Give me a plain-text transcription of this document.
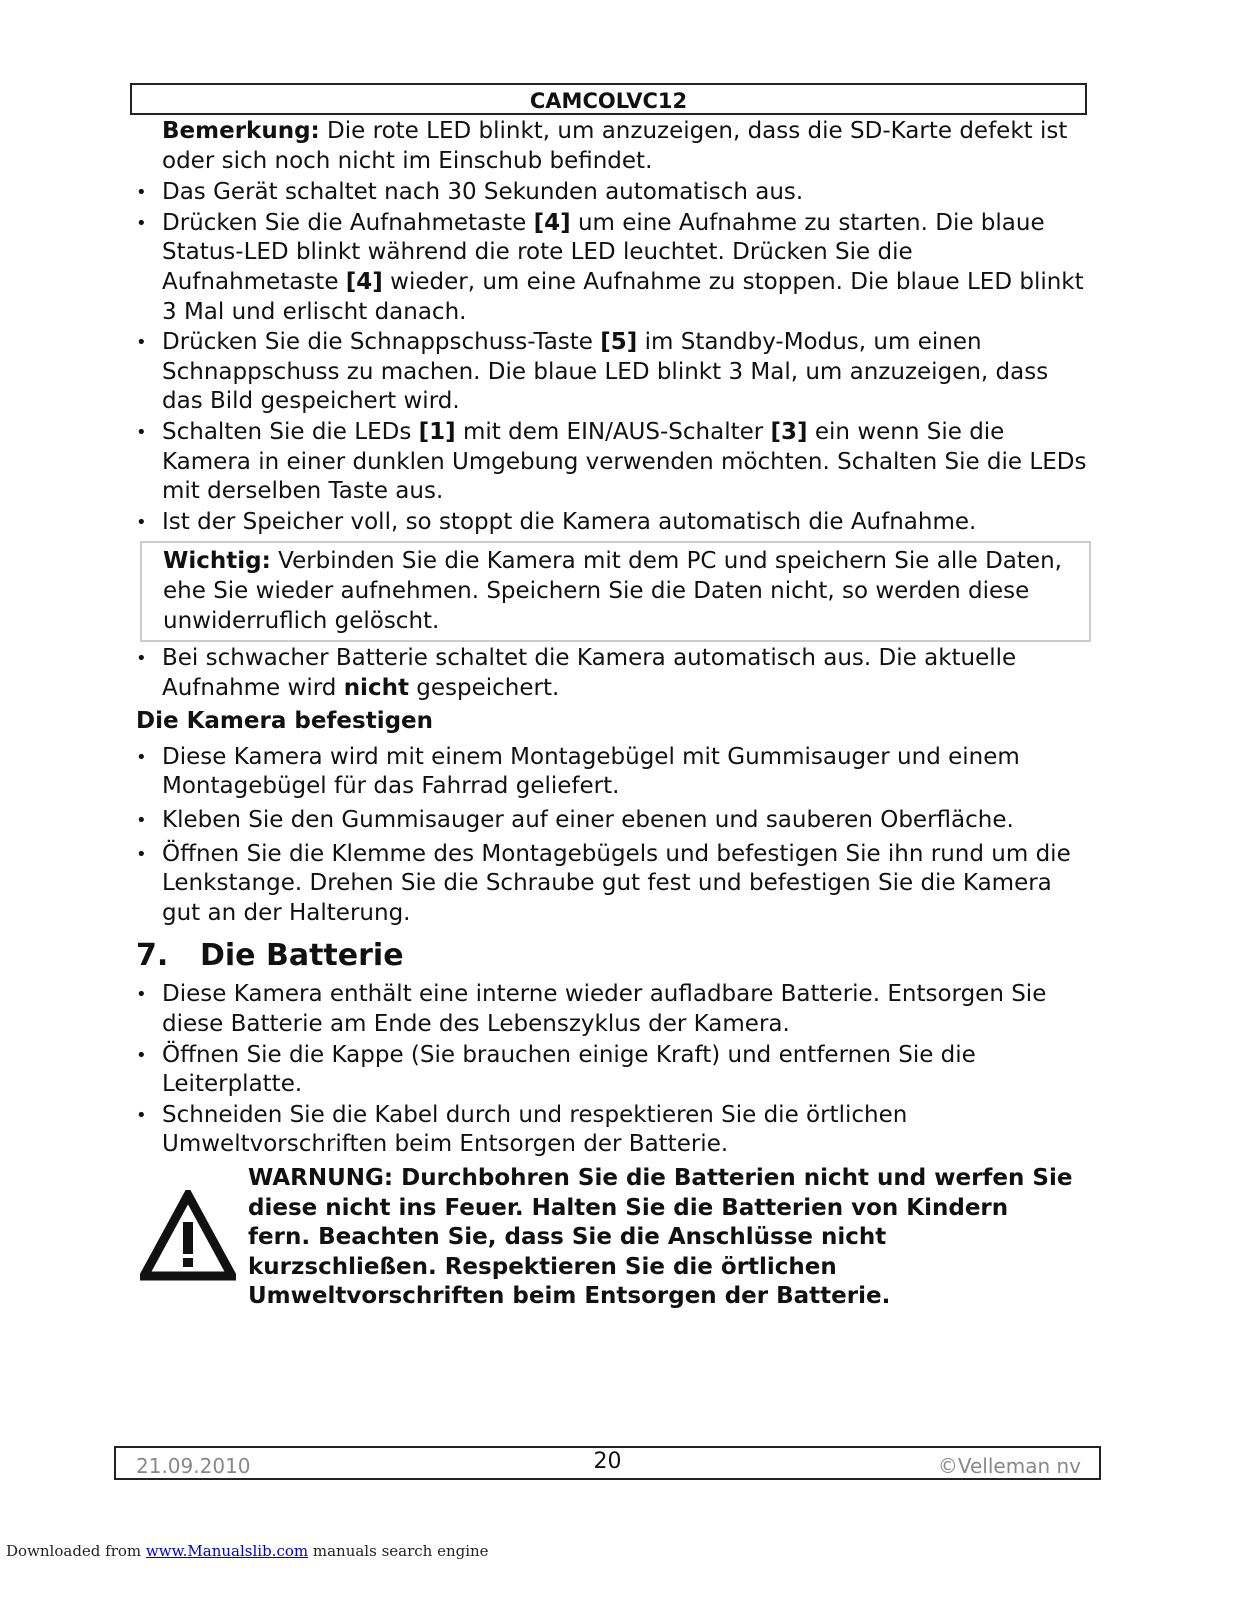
CAMCOLVC12
Bemerkung: Die rote LED blinkt, um anzuzeigen, dass die SD-Karte defekt ist oder sich noch nicht im Einschub befindet.
• Das Gerät schaltet nach 30 Sekunden automatisch aus.
• Drücken Sie die Aufnahmetaste [4] um eine Aufnahme zu starten. Die blaue Status-LED blinkt während die rote LED leuchtet. Drücken Sie die Aufnahmetaste [4] wieder, um eine Aufnahme zu stoppen. Die blaue LED blinkt 3 Mal und erlischt danach.
• Drücken Sie die Schnappschuss-Taste [5] im Standby-Modus, um einen Schnappschuss zu machen. Die blaue LED blinkt 3 Mal, um anzuzeigen, dass das Bild gespeichert wird.
• Schalten Sie die LEDs [1] mit dem EIN/AUS-Schalter [3] ein wenn Sie die Kamera in einer dunklen Umgebung verwenden möchten. Schalten Sie die LEDs mit derselben Taste aus.
• Ist der Speicher voll, so stoppt die Kamera automatisch die Aufnahme.
Wichtig: Verbinden Sie die Kamera mit dem PC und speichern Sie alle Daten, ehe Sie wieder aufnehmen. Speichern Sie die Daten nicht, so werden diese unwiderruflich gelöscht.
• Bei schwacher Batterie schaltet die Kamera automatisch aus. Die aktuelle Aufnahme wird nicht gespeichert.
Die Kamera befestigen
• Diese Kamera wird mit einem Montagebügel mit Gummisauger und einem Montagebügel für das Fahrrad geliefert.
• Kleben Sie den Gummisauger auf einer ebenen und sauberen Oberfläche.
• Öffnen Sie die Klemme des Montagebügels und befestigen Sie ihn rund um die Lenkstange. Drehen Sie die Schraube gut fest und befestigen Sie die Kamera gut an der Halterung.
7. Die Batterie
• Diese Kamera enthält eine interne wieder aufladbare Batterie. Entsorgen Sie diese Batterie am Ende des Lebenszyklus der Kamera.
• Öffnen Sie die Kappe (Sie brauchen einige Kraft) und entfernen Sie die Leiterplatte.
• Schneiden Sie die Kabel durch und respektieren Sie die örtlichen Umweltvorschriften beim Entsorgen der Batterie.
WARNUNG: Durchbohren Sie die Batterien nicht und werfen Sie diese nicht ins Feuer. Halten Sie die Batterien von Kindern fern. Beachten Sie, dass Sie die Anschlüsse nicht kurzschließen. Respektieren Sie die örtlichen Umweltvorschriften beim Entsorgen der Batterie.
21.09.2010	20	©Velleman nv
Downloaded from www.Manualslib.com manuals search engine
